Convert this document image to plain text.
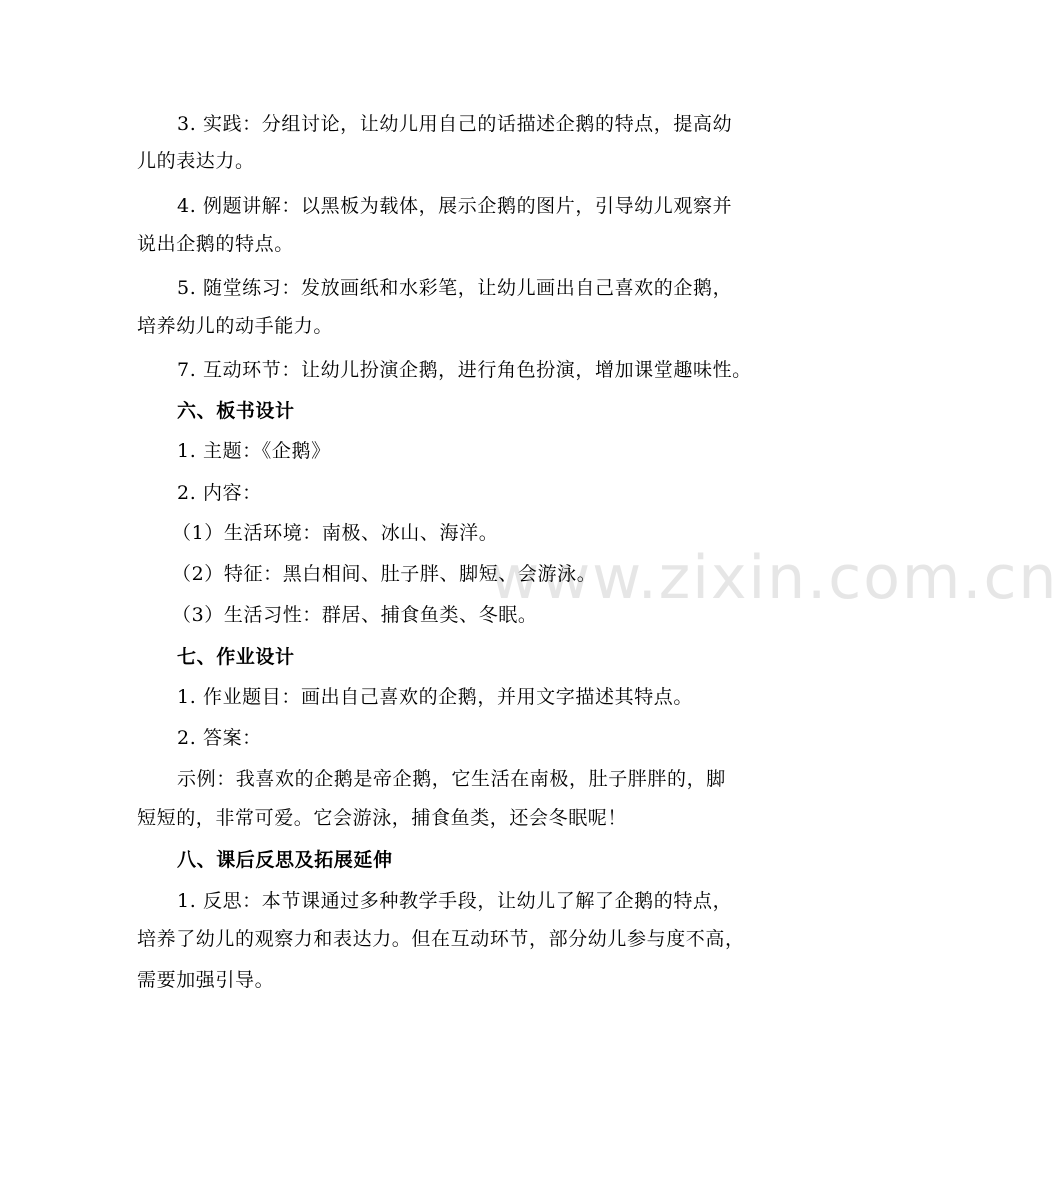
www.zixin.com.cn
3. 实践：分组讨论，让幼儿用自己的话描述企鹅的特点，提高幼
儿的表达力。
4. 例题讲解：以黑板为载体，展示企鹅的图片，引导幼儿观察并
说出企鹅的特点。
5. 随堂练习：发放画纸和水彩笔，让幼儿画出自己喜欢的企鹅，
培养幼儿的动手能力。
7. 互动环节：让幼儿扮演企鹅，进行角色扮演，增加课堂趣味性。
六、板书设计
1. 主题：《企鹅》
2. 内容：
（1）生活环境：南极、冰山、海洋。
（2）特征：黑白相间、肚子胖、脚短、会游泳。
（3）生活习性：群居、捕食鱼类、冬眠。
七、作业设计
1. 作业题目：画出自己喜欢的企鹅，并用文字描述其特点。
2. 答案：
示例：我喜欢的企鹅是帝企鹅，它生活在南极，肚子胖胖的，脚
短短的，非常可爱。它会游泳，捕食鱼类，还会冬眠呢！
八、课后反思及拓展延伸
1. 反思：本节课通过多种教学手段，让幼儿了解了企鹅的特点，
培养了幼儿的观察力和表达力。但在互动环节，部分幼儿参与度不高，
需要加强引导。
